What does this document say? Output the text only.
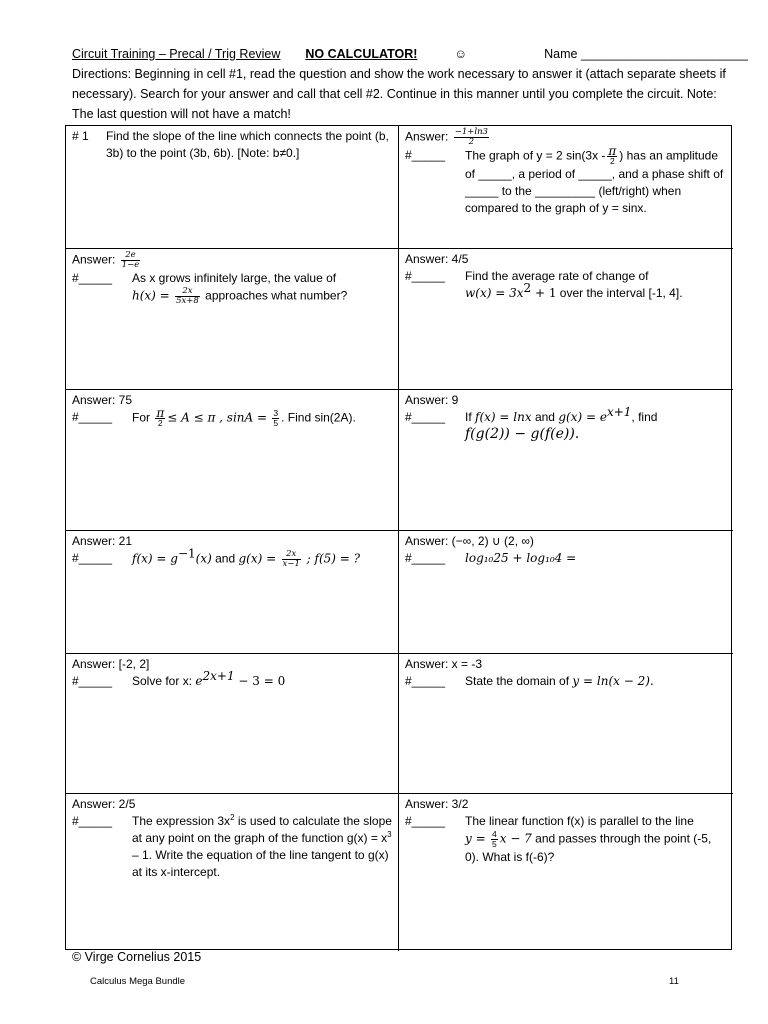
Circuit Training – Precal / Trig Review NO CALCULATOR!	☺	Name ________________________

Directions: Beginning in cell #1, read the question and show the work necessary to answer it (attach separate sheets if necessary). Search for your answer and call that cell #2. Continue in this manner until you complete the circuit. Note: The last question will not have a match!

# 1	Find the slope of the line which connects the point (b, 3b) to the point (3b, 6b). [Note: b≠0.]
Answer: $\frac{-1+\ln 3}{2}$
#_____	The graph of y = 2 $\sin(3x - \frac{\pi}{2}$ ) has an amplitude of _____, a period of _____, and a phase shift of _____ to the _________ (left/right) when compared to the graph of y = sinx.
Answer: $\frac{2e}{1-e}$
#_____	As x grows infinitely large, the value of
$h(x) = \frac{2x}{5x+8}$ approaches what number?
Answer: 4/5
#_____	Find the average rate of change of
$w(x) = 3x^2 + 1$ over the interval [-1, 4].
Answer: 75
#_____	For $\frac{\pi}{2} \le A \le \pi$ , $\sin A = \frac{3}{5}$ . Find sin(2A).
Answer: 9
#_____	If f(x) = lnx and $g(x) = e^{x+1}$, find
f(g(2)) − g(f(e)).
Answer: 21
#_____	$f(x) = g^{-1}(x)$ and $g(x) = \frac{2x}{x-1}$ ; f(5) = ?
Answer: (−∞, 2) ∪ (2, ∞)
#_____	log₁₀25 + log₁₀4 =
Answer: [-2, 2]
#_____	Solve for x: $e^{2x+1} - 3 = 0$
Answer: x = -3
#_____	State the domain of y = ln(x − 2).
Answer: 2/5
#_____	The expression $3x^2$ is used to calculate the slope at any point on the graph of the function $g(x) = x^3 - 1$. Write the equation of the line tangent to g(x) at its x-intercept.
Answer: 3/2
#_____	The linear function f(x) is parallel to the line
$y = \frac{4}{5}$ x − 7 and passes through the point (-5, 0). What is f(-6)?
© Virge Cornelius 2015
Calculus Mega Bundle	11
